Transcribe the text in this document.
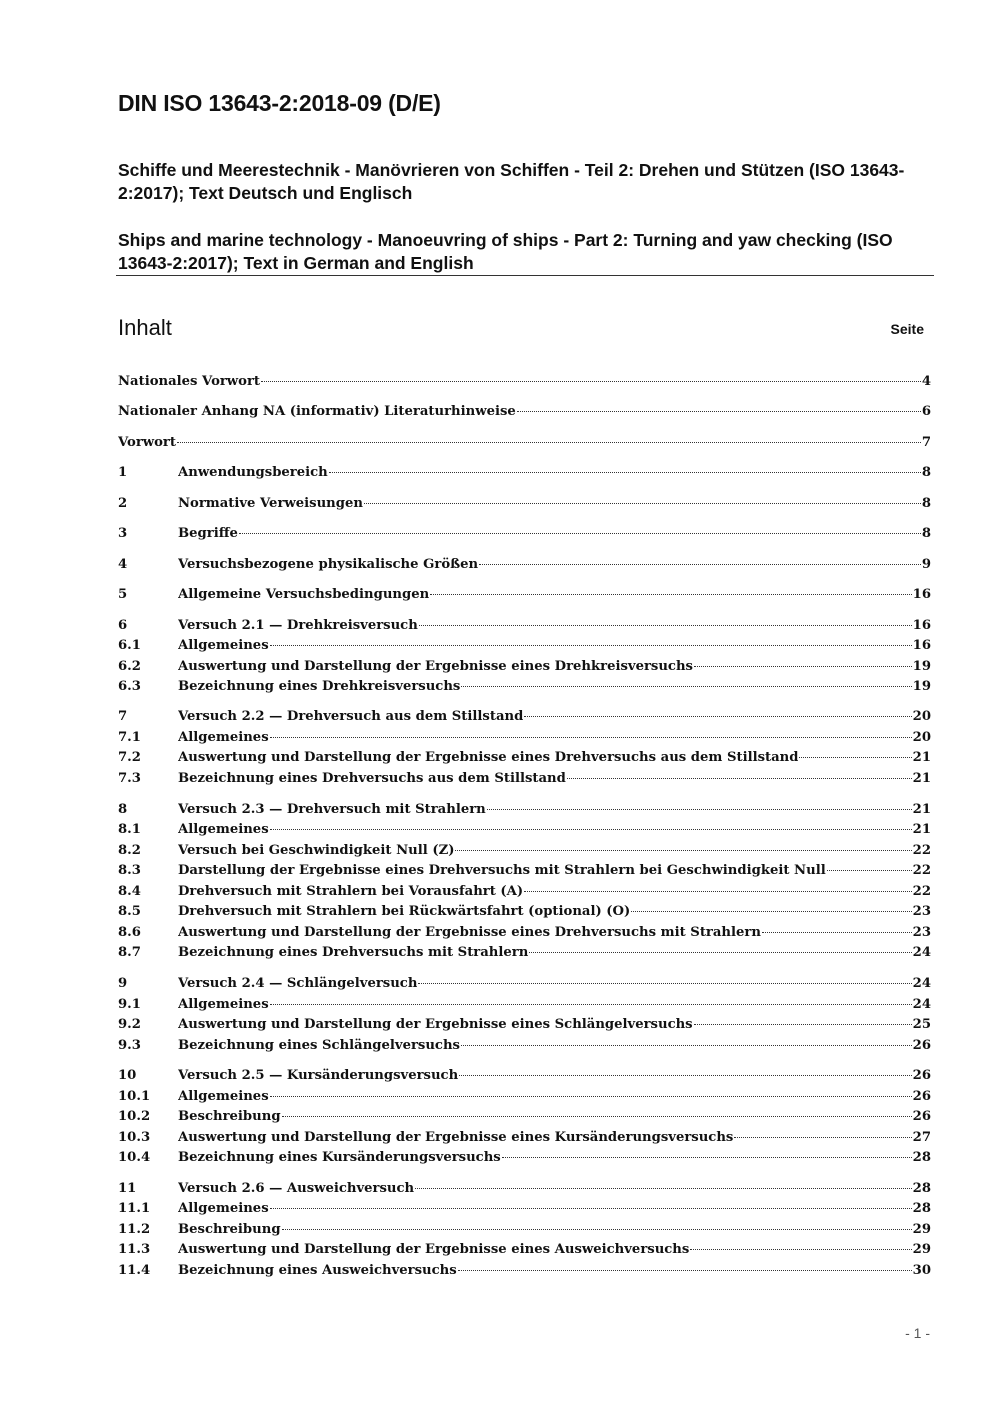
DIN ISO 13643-2:2018-09 (D/E)
Schiffe und Meerestechnik - Manövrieren von Schiffen - Teil 2: Drehen und Stützen (ISO 13643-2:2017); Text Deutsch und Englisch
Ships and marine technology - Manoeuvring of ships - Part 2: Turning and yaw checking (ISO 13643-2:2017); Text in German and English
Inhalt	Seite
Nationales Vorwort	4
Nationaler Anhang NA (informativ) Literaturhinweise	6
Vorwort	7
1	Anwendungsbereich	8
2	Normative Verweisungen	8
3	Begriffe	8
4	Versuchsbezogene physikalische Größen	9
5	Allgemeine Versuchsbedingungen	16
6	Versuch 2.1 — Drehkreisversuch	16
6.1	Allgemeines	16
6.2	Auswertung und Darstellung der Ergebnisse eines Drehkreisversuchs	19
6.3	Bezeichnung eines Drehkreisversuchs	19
7	Versuch 2.2 — Drehversuch aus dem Stillstand	20
7.1	Allgemeines	20
7.2	Auswertung und Darstellung der Ergebnisse eines Drehversuchs aus dem Stillstand	21
7.3	Bezeichnung eines Drehversuchs aus dem Stillstand	21
8	Versuch 2.3 — Drehversuch mit Strahlern	21
8.1	Allgemeines	21
8.2	Versuch bei Geschwindigkeit Null (Z)	22
8.3	Darstellung der Ergebnisse eines Drehversuchs mit Strahlern bei Geschwindigkeit Null	22
8.4	Drehversuch mit Strahlern bei Vorausfahrt (A)	22
8.5	Drehversuch mit Strahlern bei Rückwärtsfahrt (optional) (O)	23
8.6	Auswertung und Darstellung der Ergebnisse eines Drehversuchs mit Strahlern	23
8.7	Bezeichnung eines Drehversuchs mit Strahlern	24
9	Versuch 2.4 — Schlängelversuch	24
9.1	Allgemeines	24
9.2	Auswertung und Darstellung der Ergebnisse eines Schlängelversuchs	25
9.3	Bezeichnung eines Schlängelversuchs	26
10	Versuch 2.5 — Kursänderungsversuch	26
10.1	Allgemeines	26
10.2	Beschreibung	26
10.3	Auswertung und Darstellung der Ergebnisse eines Kursänderungsversuchs	27
10.4	Bezeichnung eines Kursänderungsversuchs	28
11	Versuch 2.6 — Ausweichversuch	28
11.1	Allgemeines	28
11.2	Beschreibung	29
11.3	Auswertung und Darstellung der Ergebnisse eines Ausweichversuchs	29
11.4	Bezeichnung eines Ausweichversuchs	30
- 1 -
